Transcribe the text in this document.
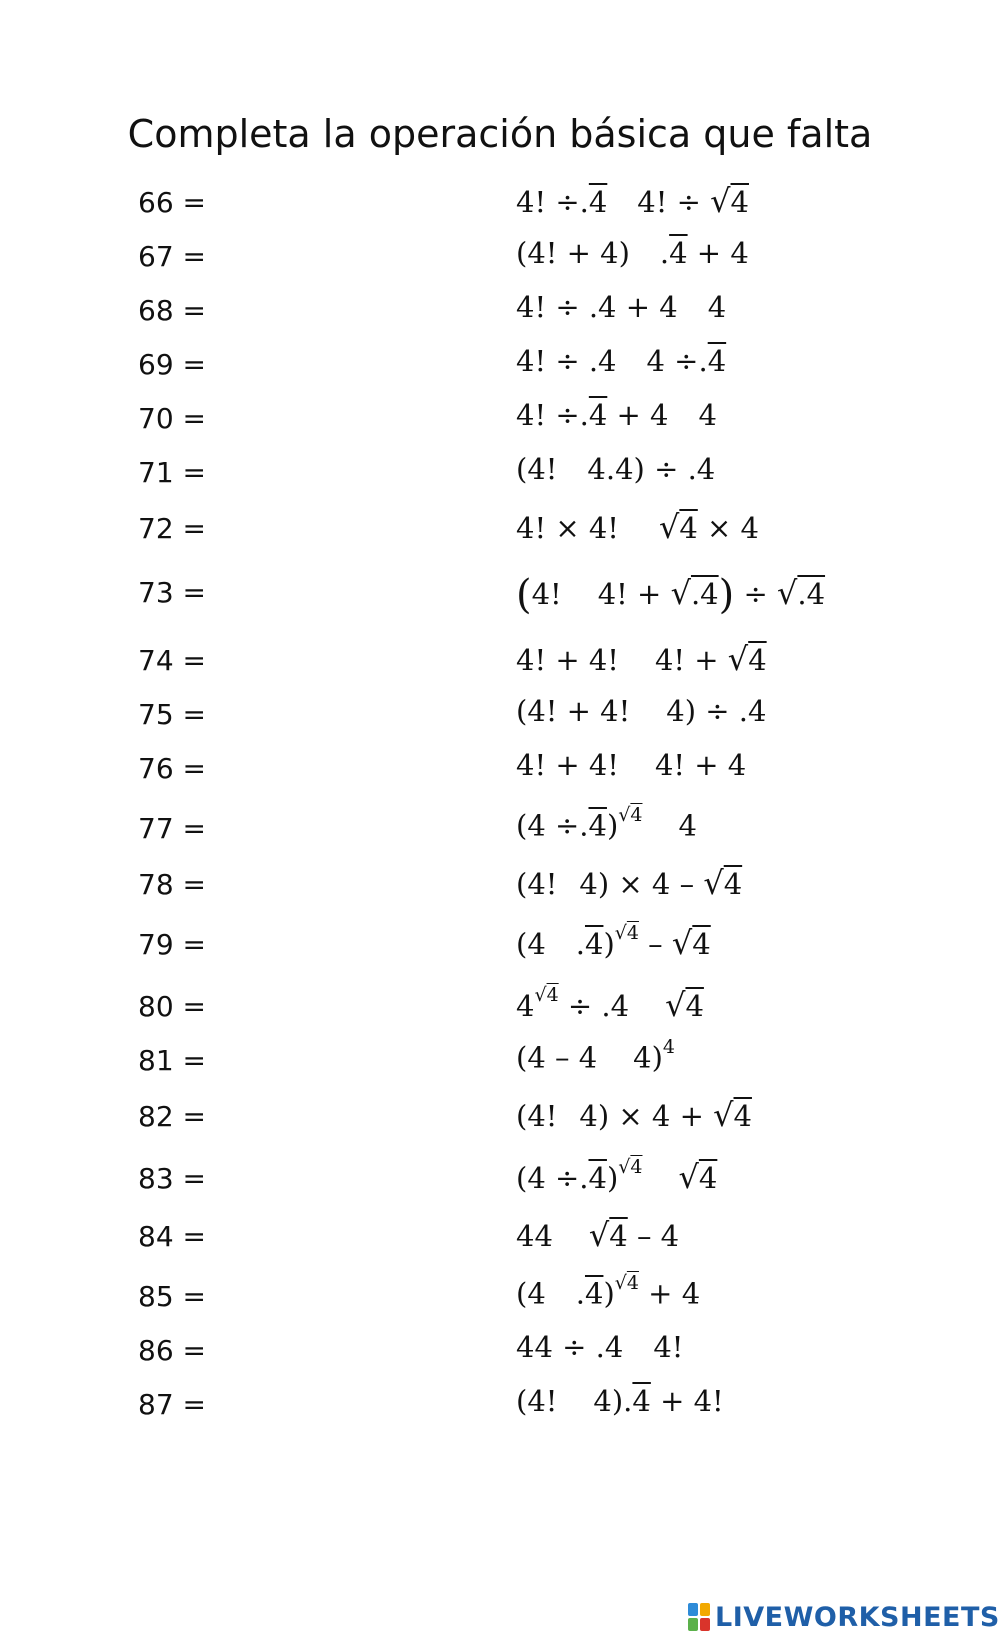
Completa la operación básica que falta
66 =	4! ÷.4 4! ÷ √4
67 =	(4! + 4) .4 + 4
68 =	4! ÷ .4 + 4 4
69 =	4! ÷ .4 4 ÷.4
70 =	4! ÷.4 + 4 4
71 =	(4! 4.4) ÷ .4
72 =	4! × 4! √4 × 4
73 =	(4! 4! + √.4) ÷ √.4
74 =	4! + 4! 4! + √4
75 =	(4! + 4! 4) ÷ .4
76 =	4! + 4! 4! + 4
77 =	$(4 \div.4)^{√4}$ 4
78 =	(4! 4) × 4 – √4
79 =	(4 .4)$^{√4}$ – √4
80 =	$4^{√4} \div .4$ √4
81 =	(4 – 4 4)$^4$
82 =	(4! 4) × 4 + √4
83 =	$(4 \div.4)^{√4}$ √4
84 =	44 √4 – 4
85 =	(4 .4)$^{√4}$ + 4
86 =	44 ÷ .4 4!
87 =	(4! 4).4 + 4!
LIVEWORKSHEETS
